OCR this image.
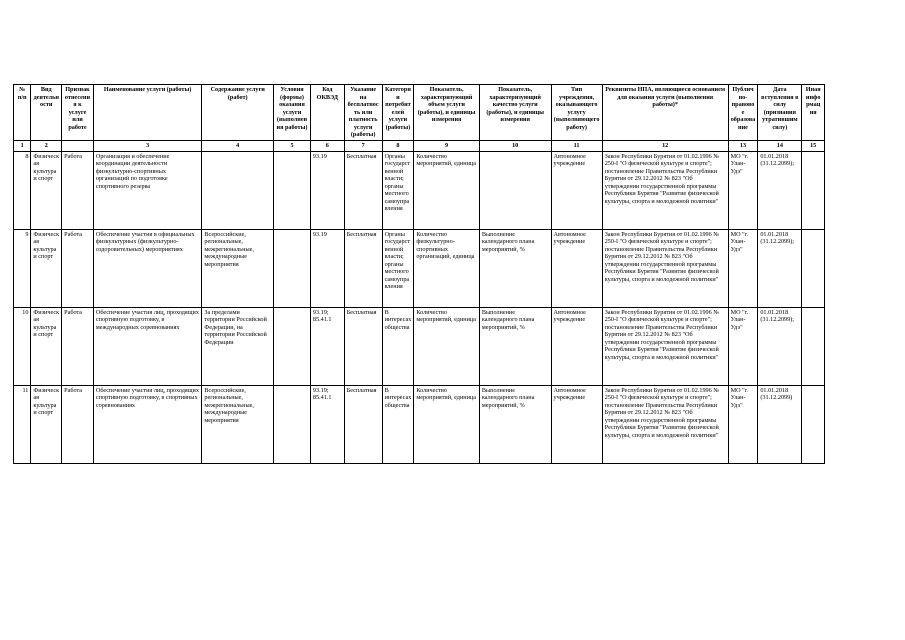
№ п/п	Вид деятельности	Признак отнесения к услуге или работе	Наименование услуги (работы)	Содержание услуги (работ)	Условия (формы) оказания услуги (выполнения работы)	Код ОКВЭД	Указание на бесплатность или платность услуги (работы)	Категории потребителей услуги (работы)	Показатель, характеризующий объем услуги (работы), и единицы измерения	Показатель, характеризующий качество услуги (работы), и единицы измерения	Тип учреждения, оказывающего услугу (выполняющего работу)	Реквизиты НПА, являющиеся основанием для оказания услуги (выполнения работы)*	Публично-правовое образование	Дата вступления в силу (признания утратившим силу)	Иная информация
1	2		3	4	5	6	7	8	9	10	11	12	13	14	15
8	Физическая культура и спорт	Работа	Организация и обеспечение координации деятельности физкультурно-спортивных организаций по подготовке спортивного резерва			93.19	Бесплатная	Органы государственной власти; органы местного самоуправления	Количество мероприятий, единица		Автономное учреждение	Закон Республики Бурятия от 01.02.1996 № 250-I "О физической культуре и спорте"; постановление Правительства Республики Бурятия от 29.12.2012 № 823 "Об утверждении государственной программы Республики Бурятия "Развитие физической культуры, спорта и молодежной политики"	МО "г. Улан-Удэ"	01.01.2018 (31.12.2099);	
9	Физическая культура и спорт	Работа	Обеспечение участия в официальных физкультурных (физкультурно-оздоровительных) мероприятиях	Всероссийские, региональные, межрегиональные, международные мероприятия		93.19	Бесплатная	Органы государственной власти; органы местного самоуправления	Количество физкультурно-спортивных организаций, единица	Выполнение календарного плана мероприятий, %	Автономное учреждение	Закон Республики Бурятия от 01.02.1996 № 250-I "О физической культуре и спорте"; постановление Правительства Республики Бурятия от 29.12.2012 № 823 "Об утверждении государственной программы Республики Бурятия "Развитие физической культуры, спорта и молодежной политики"	МО "г. Улан-Удэ"	01.01.2018 (31.12.2099);	
10	Физическая культура и спорт	Работа	Обеспечение участия лиц, проходящих спортивную подготовку, в международных соревнованиях	За пределами территории Российской Федерации, на территории Российской Федерации		93.19; 85.41.1	Бесплатная	В интересах общества	Количество мероприятий, единица	Выполнение календарного плана мероприятий, %	Автономное учреждение	Закон Республики Бурятия от 01.02.1996 № 250-I "О физической культуре и спорте"; постановление Правительства Республики Бурятия от 29.12.2012 № 823 "Об утверждении государственной программы Республики Бурятия "Развитие физической культуры, спорта и молодежной политики"	МО "г. Улан-Удэ"	01.01.2018 (31.12.2099);	
11	Физическая культура и спорт	Работа	Обеспечение участия лиц, проходящих спортивную подготовку, в спортивных соревнованиях	Всероссийские, региональные, межрегиональные, международные мероприятия		93.19; 85.41.1	Бесплатная	В интересах общества	Количество мероприятий, единица	Выполнение календарного плана мероприятий, %	Автономное учреждение	Закон Республики Бурятия от 01.02.1996 № 250-I "О физической культуре и спорте"; постановление Правительства Республики Бурятия от 29.12.2012 № 823 "Об утверждении государственной программы Республики Бурятия "Развитие физической культуры, спорта и молодежной политики"	МО "г. Улан-Удэ"	01.01.2018 (31.12.2099)	
